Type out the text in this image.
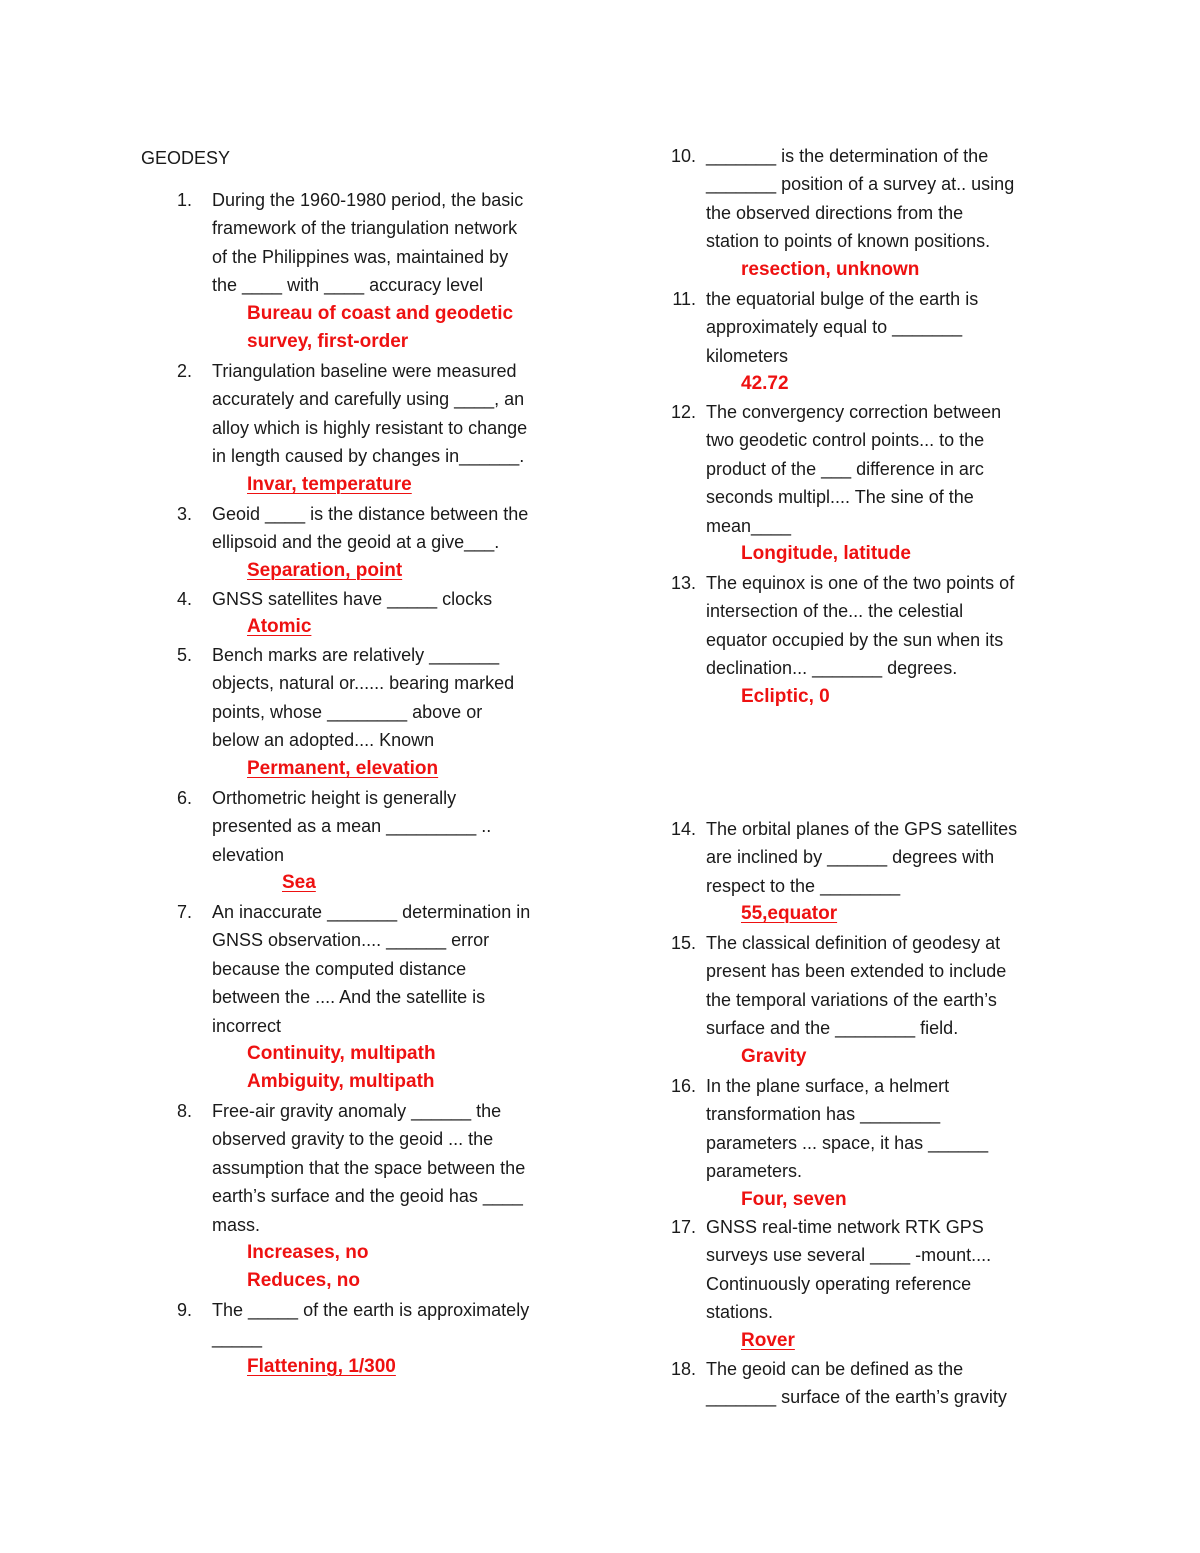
GEODESY
1. During the 1960-1980 period, the basic
framework of the triangulation network
of the Philippines was, maintained by
the ____ with ____ accuracy level
Bureau of coast and geodetic
survey, first-order
2. Triangulation baseline were measured
accurately and carefully using ____, an
alloy which is highly resistant to change
in length caused by changes in______.
Invar, temperature
3. Geoid ____ is the distance between the
ellipsoid and the geoid at a give___.
Separation, point
4. GNSS satellites have _____ clocks
Atomic
5. Bench marks are relatively _______
objects, natural or...... bearing marked
points, whose ________ above or
below an adopted.... Known
Permanent, elevation
6. Orthometric height is generally
presented as a mean _________ ..
elevation
Sea
7. An inaccurate _______ determination in
GNSS observation.... ______ error
because the computed distance
between the .... And the satellite is
incorrect
Continuity, multipath
Ambiguity, multipath
8. Free-air gravity anomaly ______ the
observed gravity to the geoid ... the
assumption that the space between the
earth’s surface and the geoid has ____
mass.
Increases, no
Reduces, no
9. The _____ of the earth is approximately
_____
Flattening, 1/300
10. _______ is the determination of the
_______ position of a survey at.. using
the observed directions from the
station to points of known positions.
resection, unknown
11. the equatorial bulge of the earth is
approximately equal to _______
kilometers
42.72
12. The convergency correction between
two geodetic control points... to the
product of the ___ difference in arc
seconds multipl.... The sine of the
mean____
Longitude, latitude
13. The equinox is one of the two points of
intersection of the... the celestial
equator occupied by the sun when its
declination... _______ degrees.
Ecliptic, 0
14. The orbital planes of the GPS satellites
are inclined by ______ degrees with
respect to the ________
55,equator
15. The classical definition of geodesy at
present has been extended to include
the temporal variations of the earth’s
surface and the ________ field.
Gravity
16. In the plane surface, a helmert
transformation has ________
parameters ... space, it has ______
parameters.
Four, seven
17. GNSS real-time network RTK GPS
surveys use several ____ -mount....
Continuously operating reference
stations.
Rover
18. The geoid can be defined as the
_______ surface of the earth’s gravity
